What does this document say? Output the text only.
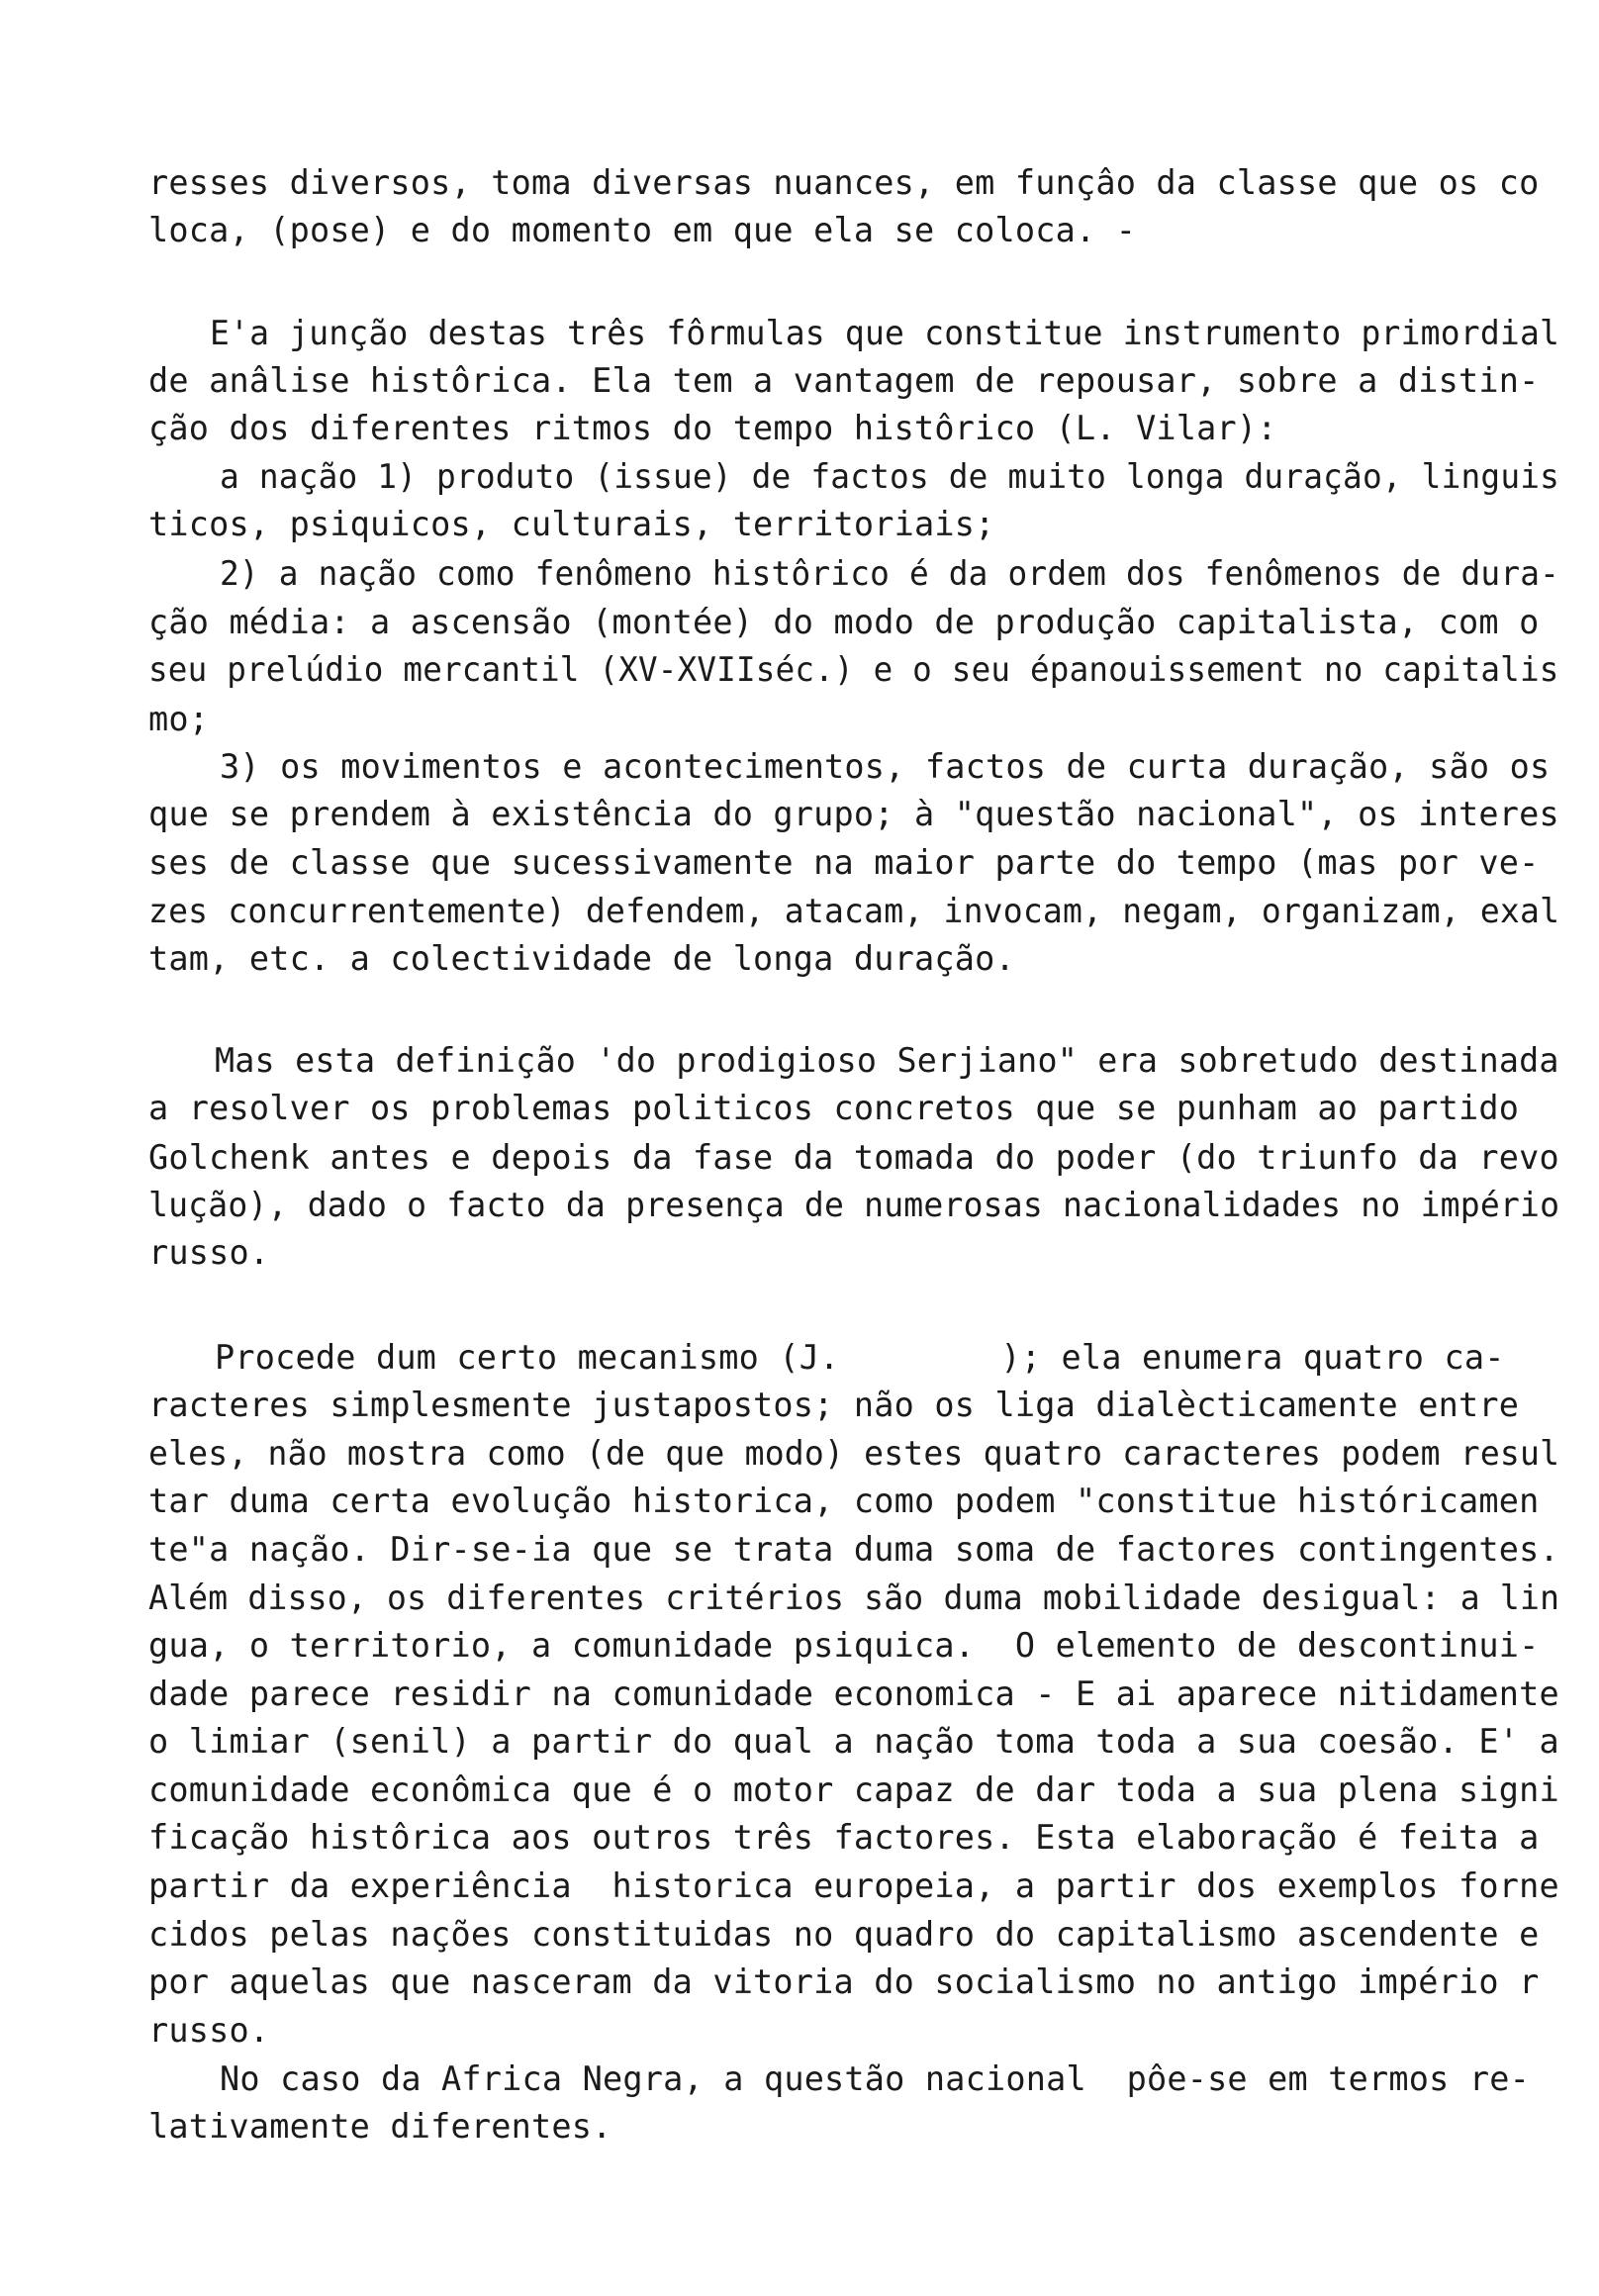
resses diversos, toma diversas nuances, em funçâo da classe que os co
loca, (pose) e do momento em que ela se coloca. -
E'a junção destas três fôrmulas que constitue instrumento primordial
de anâlise histôrica. Ela tem a vantagem de repousar, sobre a distin-
ção dos diferentes ritmos do tempo histôrico (L. Vilar):
a nação 1) produto (issue) de factos de muito longa duração, linguis
ticos, psiquicos, culturais, territoriais;
2) a nação como fenômeno histôrico é da ordem dos fenômenos de dura-
ção média: a ascensão (montée) do modo de produção capitalista, com o
seu prelúdio mercantil (XV-XVIIséc.) e o seu épanouissement no capitalis
mo;
3) os movimentos e acontecimentos, factos de curta duração, são os
que se prendem à existência do grupo; à "questão nacional", os interes
ses de classe que sucessivamente na maior parte do tempo (mas por ve-
zes concurrentemente) defendem, atacam, invocam, negam, organizam, exal
tam, etc. a colectividade de longa duração.
Mas esta definição 'do prodigioso Serjiano" era sobretudo destinada
a resolver os problemas politicos concretos que se punham ao partido
Golchenk antes e depois da fase da tomada do poder (do triunfo da revo
lução), dado o facto da presença de numerosas nacionalidades no império
russo.
Procede dum certo mecanismo (J.        ); ela enumera quatro ca-
racteres simplesmente justapostos; não os liga dialècticamente entre
eles, não mostra como (de que modo) estes quatro caracteres podem resul
tar duma certa evolução historica, como podem "constitue históricamen
te"a nação. Dir-se-ia que se trata duma soma de factores contingentes.
Além disso, os diferentes critérios são duma mobilidade desigual: a lin
gua, o territorio, a comunidade psiquica.  O elemento de descontinui-
dade parece residir na comunidade economica - E ai aparece nitidamente
o limiar (senil) a partir do qual a nação toma toda a sua coesão. E' a
comunidade econômica que é o motor capaz de dar toda a sua plena signi
ficação histôrica aos outros três factores. Esta elaboração é feita a
partir da experiência  historica europeia, a partir dos exemplos forne
cidos pelas nações constituidas no quadro do capitalismo ascendente e
por aquelas que nasceram da vitoria do socialismo no antigo império r
russo.
No caso da Africa Negra, a questão nacional  pôe-se em termos re-
lativamente diferentes.
